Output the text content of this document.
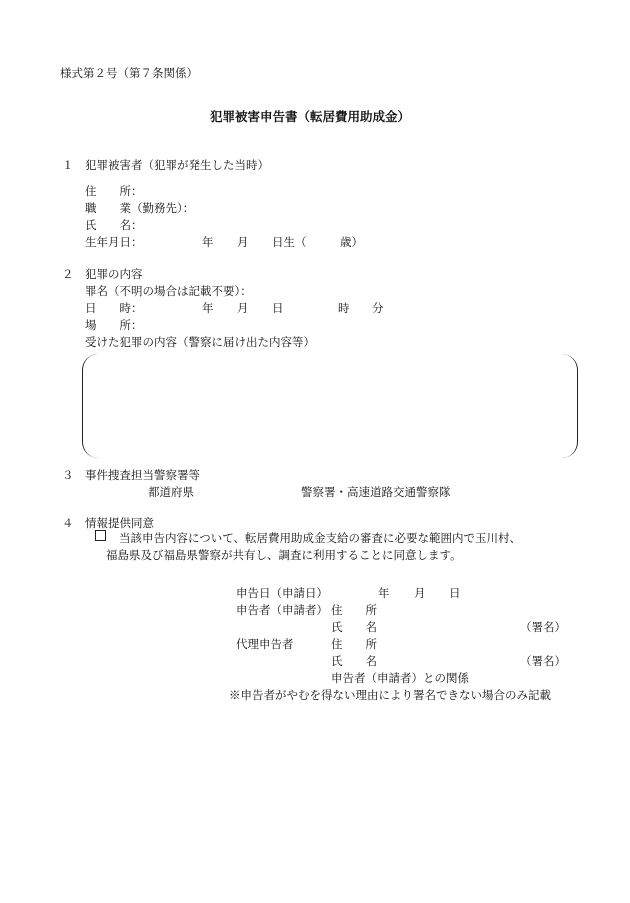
様式第２号（第７条関係）
犯罪被害申告書（転居費用助成金）
１　犯罪被害者（犯罪が発生した当時）
住　　所：
職　　業（勤務先）：
氏　　名：
生年月日：	年 月 日生（	歳）
２　犯罪の内容
罪名（不明の場合は記載不要）：
日　　時：	年 月 日	時 分
場　　所：
受けた犯罪の内容（警察に届け出た内容等）
３　事件捜査担当警察署等
都道府県	警察署・高速道路交通警察隊
４　情報提供同意
当該申告内容について、転居費用助成金支給の審査に必要な範囲内で玉川村、
福島県及び福島県警察が共有し、調査に利用することに同意します。
申告日（申請日）	年 月 日
申告者（申請者） 住　　所
氏　　名	（署名）
代理申告者	住　　所
氏　　名	（署名）
申告者（申請者）との関係
※申告者がやむを得ない理由により署名できない場合のみ記載
